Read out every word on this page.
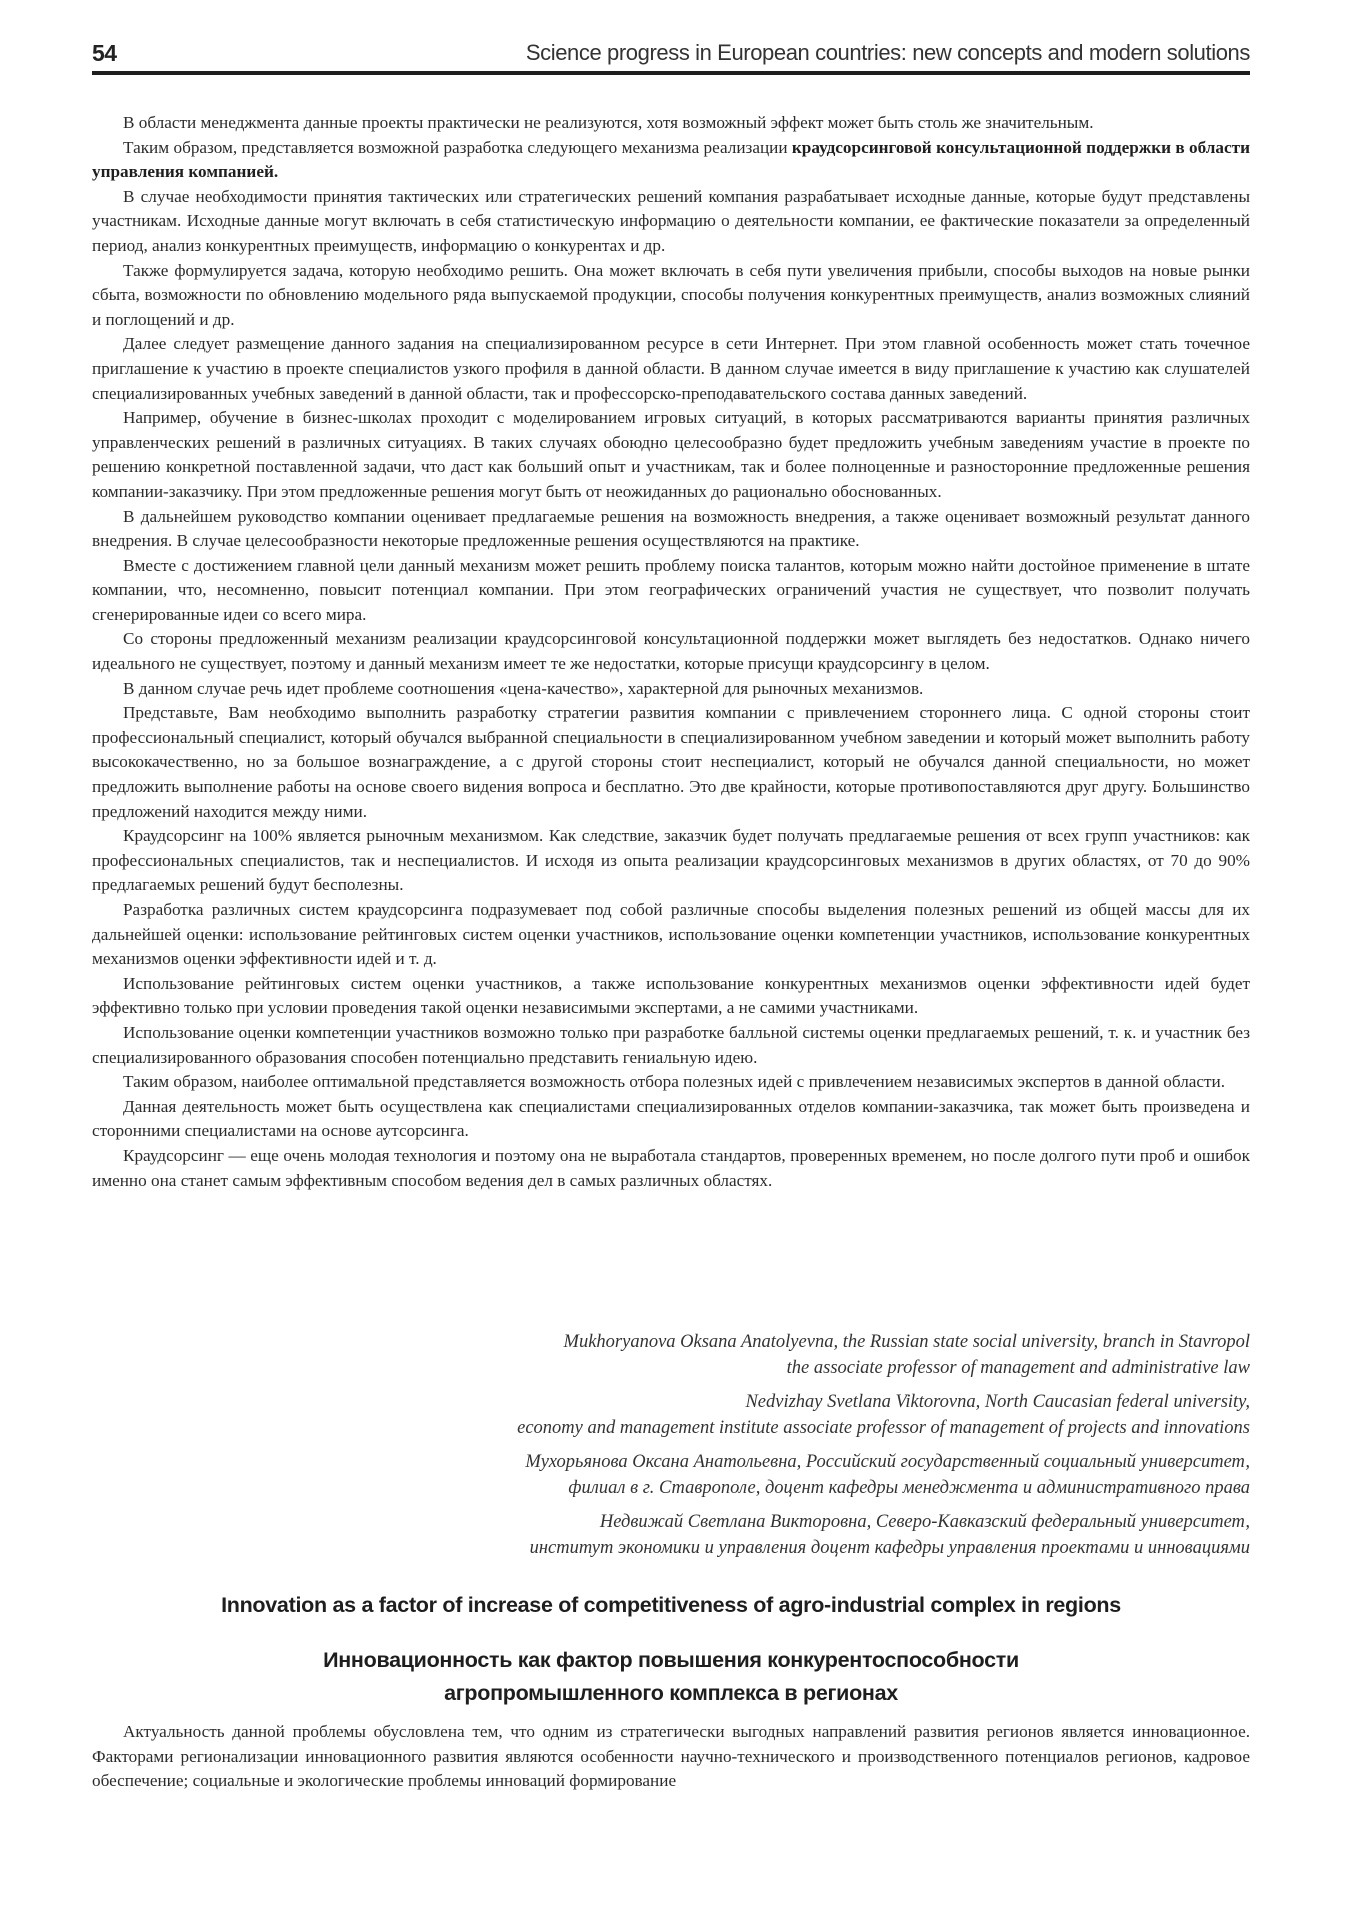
54	Science progress in European countries: new concepts and modern solutions

В области менеджмента данные проекты практически не реализуются, хотя возможный эффект может быть столь же значительным.

Таким образом, представляется возможной разработка следующего механизма реализации краудсорсинговой консультационной поддержки в области управления компанией.

В случае необходимости принятия тактических или стратегических решений компания разрабатывает исходные данные, которые будут представлены участникам. Исходные данные могут включать в себя статистическую информацию о деятельности компании, ее фактические показатели за определенный период, анализ конкурентных преимуществ, информацию о конкурентах и др.

Также формулируется задача, которую необходимо решить. Она может включать в себя пути увеличения прибыли, способы выходов на новые рынки сбыта, возможности по обновлению модельного ряда выпускаемой продукции, способы получения конкурентных преимуществ, анализ возможных слияний и поглощений и др.

Далее следует размещение данного задания на специализированном ресурсе в сети Интернет. При этом главной особенность может стать точечное приглашение к участию в проекте специалистов узкого профиля в данной области. В данном случае имеется в виду приглашение к участию как слушателей специализированных учебных заведений в данной области, так и профессорско-преподавательского состава данных заведений.

Например, обучение в бизнес-школах проходит с моделированием игровых ситуаций, в которых рассматриваются варианты принятия различных управленческих решений в различных ситуациях. В таких случаях обоюдно целесообразно будет предложить учебным заведениям участие в проекте по решению конкретной поставленной задачи, что даст как больший опыт и участникам, так и более полноценные и разносторонние предложенные решения компании-заказчику. При этом предложенные решения могут быть от неожиданных до рационально обоснованных.

В дальнейшем руководство компании оценивает предлагаемые решения на возможность внедрения, а также оценивает возможный результат данного внедрения. В случае целесообразности некоторые предложенные решения осуществляются на практике.

Вместе с достижением главной цели данный механизм может решить проблему поиска талантов, которым можно найти достойное применение в штате компании, что, несомненно, повысит потенциал компании. При этом географических ограничений участия не существует, что позволит получать сгенерированные идеи со всего мира.

Со стороны предложенный механизм реализации краудсорсинговой консультационной поддержки может выглядеть без недостатков. Однако ничего идеального не существует, поэтому и данный механизм имеет те же недостатки, которые присущи краудсорсингу в целом.

В данном случае речь идет проблеме соотношения «цена-качество», характерной для рыночных механизмов.

Представьте, Вам необходимо выполнить разработку стратегии развития компании с привлечением стороннего лица. С одной стороны стоит профессиональный специалист, который обучался выбранной специальности в специализированном учебном заведении и который может выполнить работу высококачественно, но за большое вознаграждение, а с другой стороны стоит неспециалист, который не обучался данной специальности, но может предложить выполнение работы на основе своего видения вопроса и бесплатно. Это две крайности, которые противопоставляются друг другу. Большинство предложений находится между ними.

Краудсорсинг на 100% является рыночным механизмом. Как следствие, заказчик будет получать предлагаемые решения от всех групп участников: как профессиональных специалистов, так и неспециалистов. И исходя из опыта реализации краудсорсинговых механизмов в других областях, от 70 до 90% предлагаемых решений будут бесполезны.

Разработка различных систем краудсорсинга подразумевает под собой различные способы выделения полезных решений из общей массы для их дальнейшей оценки: использование рейтинговых систем оценки участников, использование оценки компетенции участников, использование конкурентных механизмов оценки эффективности идей и т. д.

Использование рейтинговых систем оценки участников, а также использование конкурентных механизмов оценки эффективности идей будет эффективно только при условии проведения такой оценки независимыми экспертами, а не самими участниками.

Использование оценки компетенции участников возможно только при разработке балльной системы оценки предлагаемых решений, т. к. и участник без специализированного образования способен потенциально представить гениальную идею.

Таким образом, наиболее оптимальной представляется возможность отбора полезных идей с привлечением независимых экспертов в данной области.

Данная деятельность может быть осуществлена как специалистами специализированных отделов компании-заказчика, так может быть произведена и сторонними специалистами на основе аутсорсинга.

Краудсорсинг — еще очень молодая технология и поэтому она не выработала стандартов, проверенных временем, но после долгого пути проб и ошибок именно она станет самым эффективным способом ведения дел в самых различных областях.

Mukhoryanova Oksana Anatolyevna, the Russian state social university, branch in Stavropol
the associate professor of management and administrative law
Nedvizhay Svetlana Viktorovna, North Caucasian federal university,
economy and management institute associate professor of management of projects and innovations
Мухорьянова Оксана Анатольевна, Российский государственный социальный университет,
филиал в г. Ставрополе, доцент кафедры менеджмента и административного права
Недвижай Светлана Викторовна, Северо-Кавказский федеральный университет,
институт экономики и управления доцент кафедры управления проектами и инновациями
Innovation as a factor of increase of competitiveness of agro-industrial complex in regions
Инновационность как фактор повышения конкурентоспособности
агропромышленного комплекса в регионах

Актуальность данной проблемы обусловлена тем, что одним из стратегически выгодных направлений развития регионов является инновационное. Факторами регионализации инновационного развития являются особенности научно-технического и производственного потенциалов регионов, кадровое обеспечение; социальные и экологические проблемы инноваций формирование
